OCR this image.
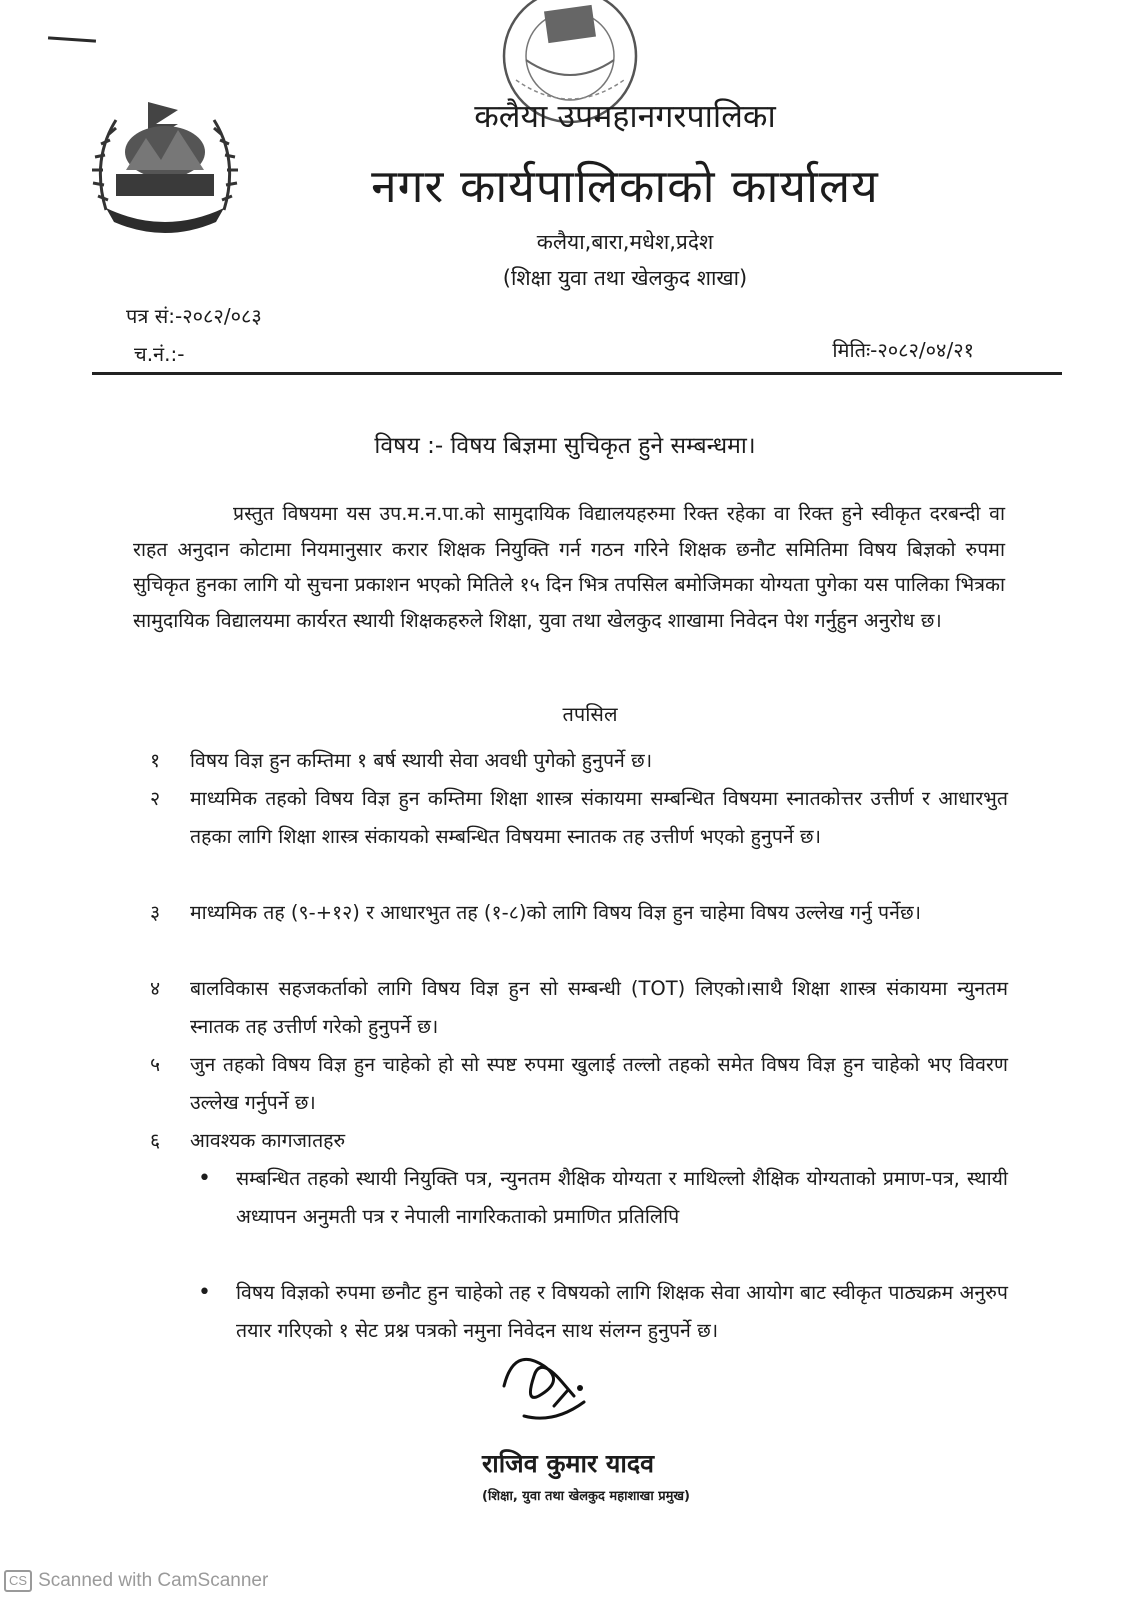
कलैया उपमहानगरपालिका
नगर कार्यपालिकाको कार्यालय
कलैया,बारा,मधेश,प्रदेश
(शिक्षा युवा तथा खेलकुद शाखा)
पत्र सं:-२०८२/०८३
च.नं.:-	मितिः-२०८२/०४/२१
विषय :- विषय बिज्ञमा सुचिकृत हुने सम्बन्धमा।

प्रस्तुत विषयमा यस उप.म.न.पा.को सामुदायिक विद्यालयहरुमा रिक्त रहेका वा रिक्त हुने स्वीकृत दरबन्दी वा राहत अनुदान कोटामा नियमानुसार करार शिक्षक नियुक्ति गर्न गठन गरिने शिक्षक छनौट समितिमा विषय बिज्ञको रुपमा सुचिकृत हुनका लागि यो सुचना प्रकाशन भएको मितिले १५ दिन भित्र तपसिल बमोजिमका योग्यता पुगेका यस पालिका भित्रका सामुदायिक विद्यालयमा कार्यरत स्थायी शिक्षकहरुले शिक्षा, युवा तथा खेलकुद शाखामा निवेदन पेश गर्नुहुन अनुरोध छ।

तपसिल
१	विषय विज्ञ हुन कम्तिमा १ बर्ष स्थायी सेवा अवधी पुगेको हुनुपर्ने छ।
२	माध्यमिक तहको विषय विज्ञ हुन कम्तिमा शिक्षा शास्त्र संकायमा सम्बन्धित विषयमा स्नातकोत्तर उत्तीर्ण र आधारभुत तहका लागि शिक्षा शास्त्र संकायको सम्बन्धित विषयमा स्नातक तह उत्तीर्ण भएको हुनुपर्ने छ।
३	माध्यमिक तह (९-+१२) र आधारभुत तह (१-८)को लागि विषय विज्ञ हुन चाहेमा विषय उल्लेख गर्नु पर्नेछ।
४	बालविकास सहजकर्ताको लागि विषय विज्ञ हुन सो सम्बन्धी (TOT) लिएको।साथै शिक्षा शास्त्र संकायमा न्युनतम स्नातक तह उत्तीर्ण गरेको हुनुपर्ने छ।
५	जुन तहको विषय विज्ञ हुन चाहेको हो सो स्पष्ट रुपमा खुलाई तल्लो तहको समेत विषय विज्ञ हुन चाहेको भए विवरण उल्लेख गर्नुपर्ने छ।
६	आवश्यक कागजातहरु
•	सम्बन्धित तहको स्थायी नियुक्ति पत्र, न्युनतम शैक्षिक योग्यता र माथिल्लो शैक्षिक योग्यताको प्रमाण-पत्र, स्थायी अध्यापन अनुमती पत्र र नेपाली नागरिकताको प्रमाणित प्रतिलिपि
•	विषय विज्ञको रुपमा छनौट हुन चाहेको तह र विषयको लागि शिक्षक सेवा आयोग बाट स्वीकृत पाठ्यक्रम अनुरुप तयार गरिएको १ सेट प्रश्न पत्रको नमुना निवेदन साथ संलग्न हुनुपर्ने छ।
राजिव कुमार यादव
(शिक्षा, युवा तथा खेलकुद महाशाखा प्रमुख)
CS Scanned with CamScanner
